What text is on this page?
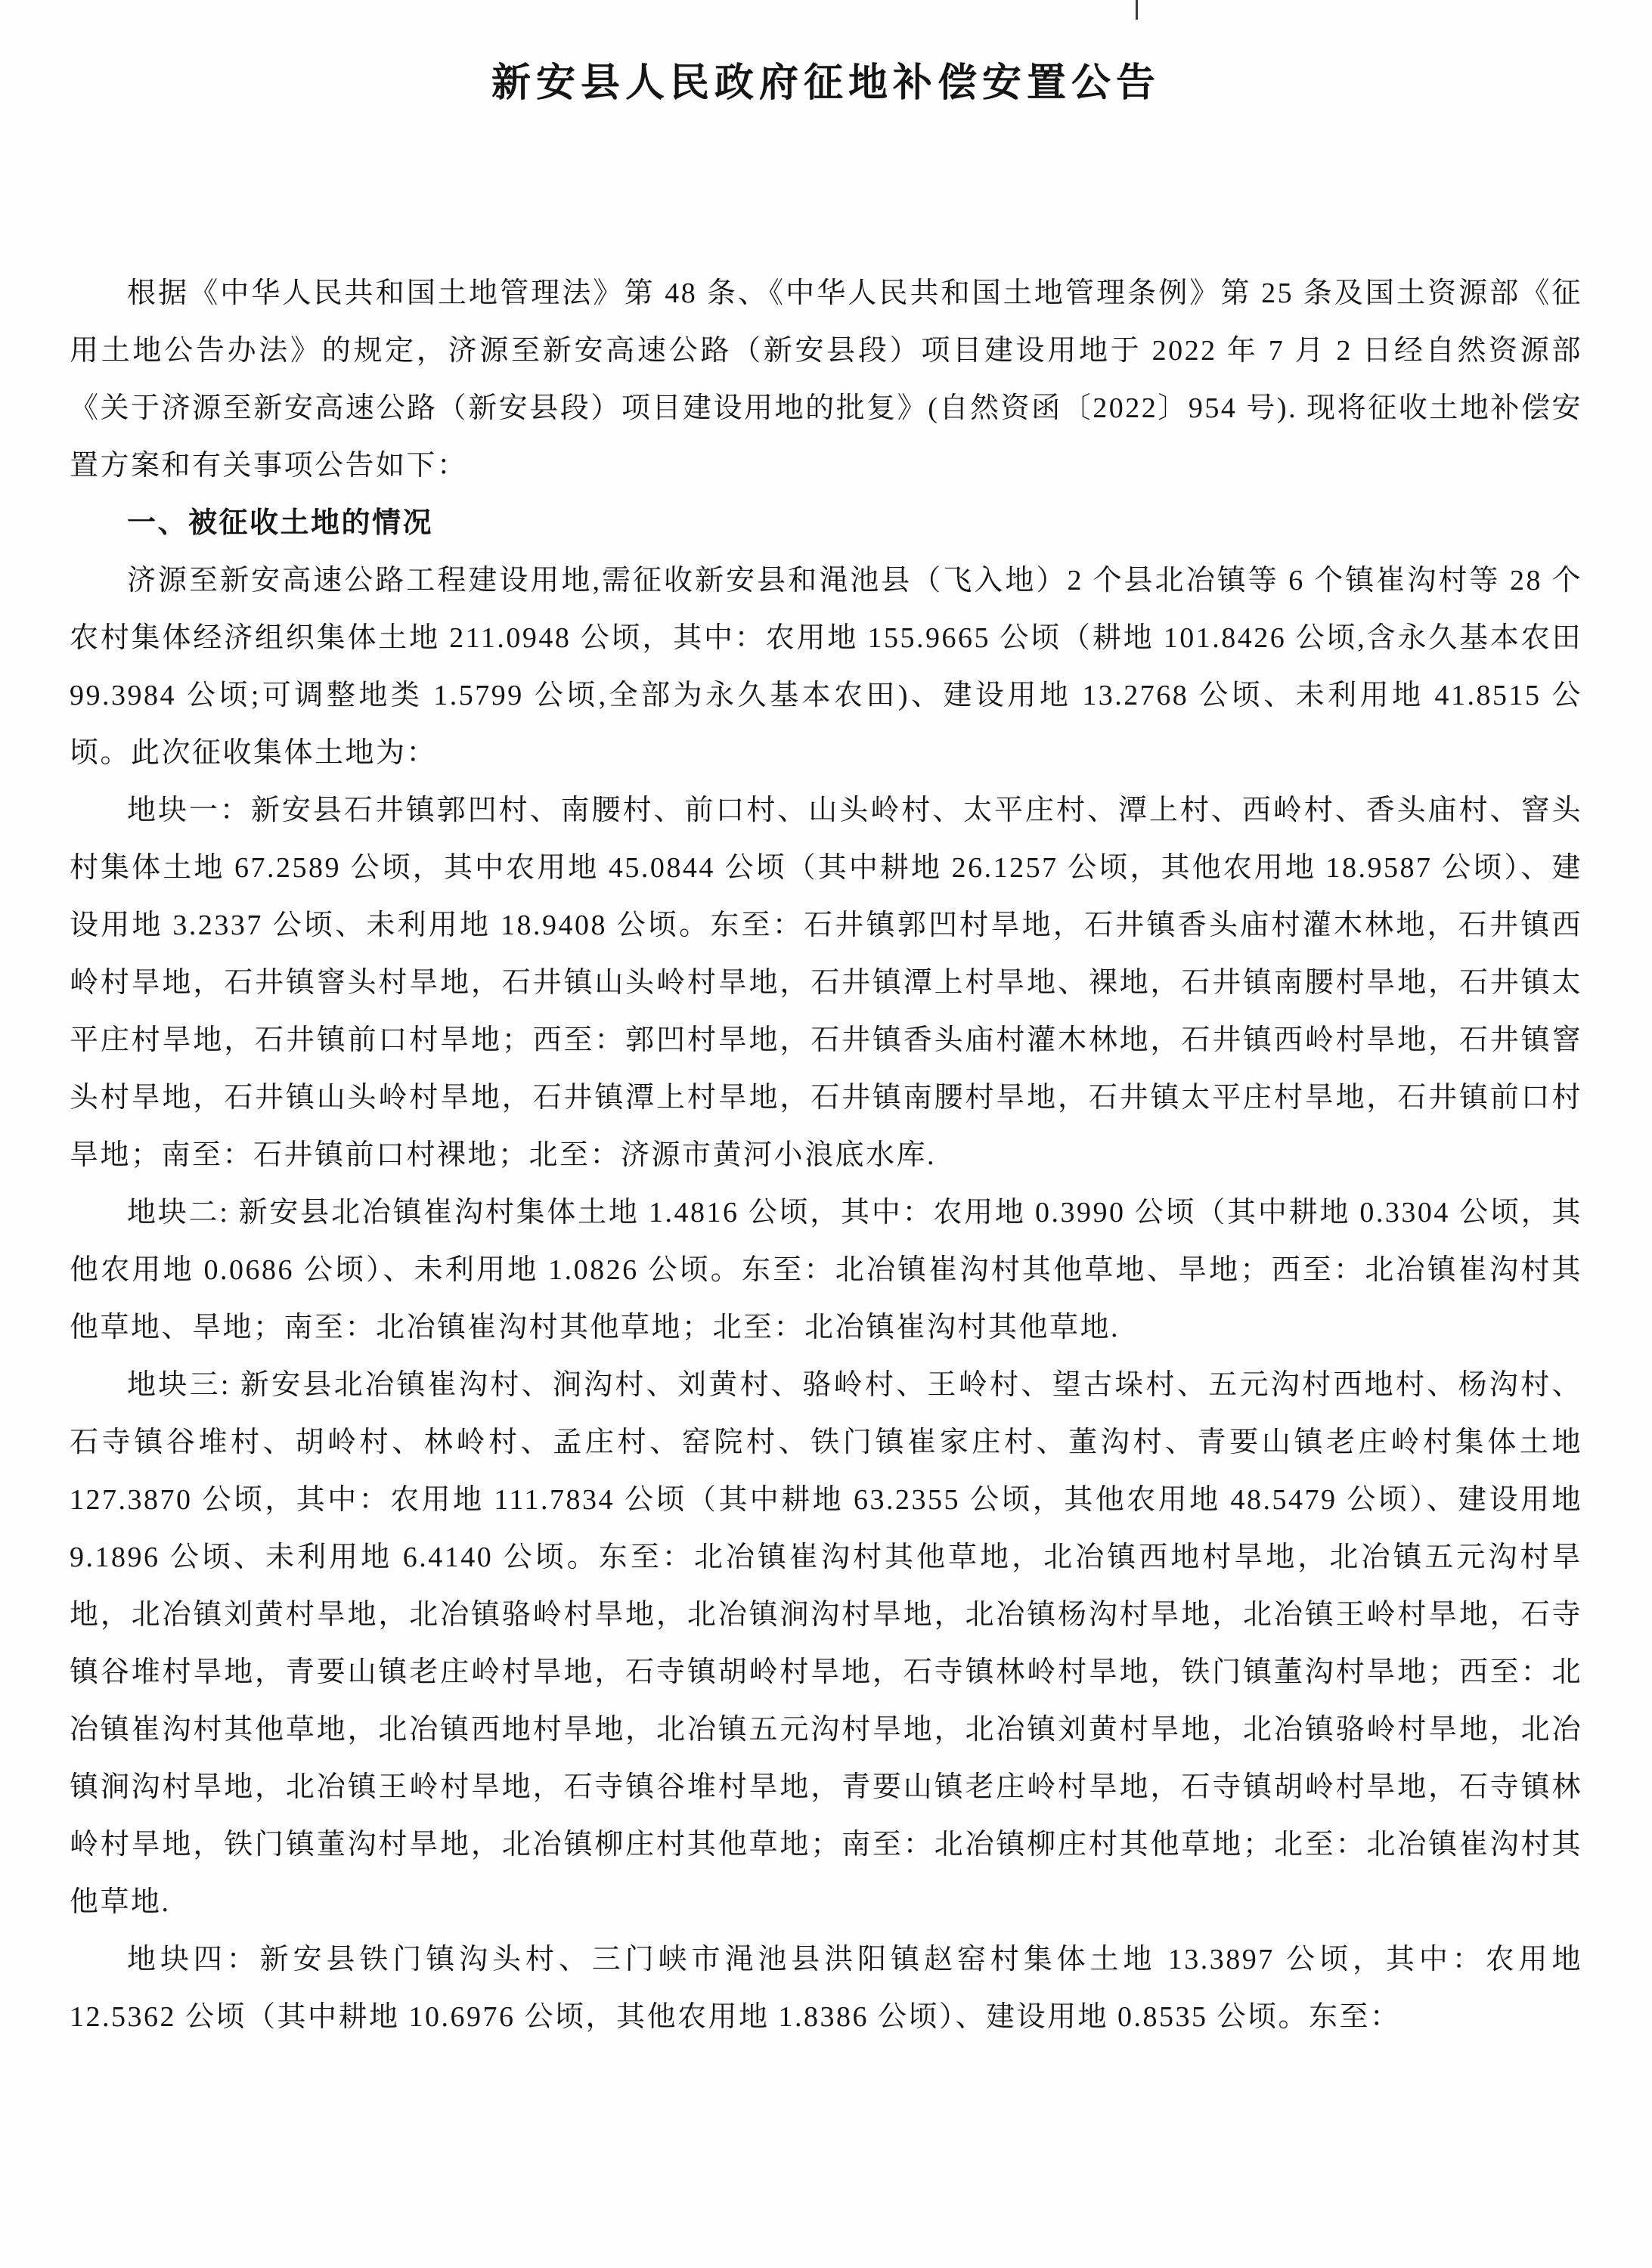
新安县人民政府征地补偿安置公告

根据《中华人民共和国土地管理法》第 48 条、《中华人民共和国土地管理条例》第 25 条及国土资源部《征用土地公告办法》的规定，济源至新安高速公路（新安县段）项目建设用地于 2022 年 7 月 2 日经自然资源部《关于济源至新安高速公路（新安县段）项目建设用地的批复》(自然资函〔2022〕954 号). 现将征收土地补偿安置方案和有关事项公告如下：

一、被征收土地的情况

济源至新安高速公路工程建设用地,需征收新安县和渑池县（飞入地）2 个县北冶镇等 6 个镇崔沟村等 28 个农村集体经济组织集体土地 211.0948 公顷，其中：农用地 155.9665 公顷（耕地 101.8426 公顷,含永久基本农田 99.3984 公顷;可调整地类 1.5799 公顷,全部为永久基本农田)、建设用地 13.2768 公顷、未利用地 41.8515 公顷。此次征收集体土地为：

地块一：新安县石井镇郭凹村、南腰村、前口村、山头岭村、太平庄村、潭上村、西岭村、香头庙村、窨头村集体土地 67.2589 公顷，其中农用地 45.0844 公顷（其中耕地 26.1257 公顷，其他农用地 18.9587 公顷）、建设用地 3.2337 公顷、未利用地 18.9408 公顷。东至：石井镇郭凹村旱地，石井镇香头庙村灌木林地，石井镇西岭村旱地，石井镇窨头村旱地，石井镇山头岭村旱地，石井镇潭上村旱地、裸地，石井镇南腰村旱地，石井镇太平庄村旱地，石井镇前口村旱地；西至：郭凹村旱地，石井镇香头庙村灌木林地，石井镇西岭村旱地，石井镇窨头村旱地，石井镇山头岭村旱地，石井镇潭上村旱地，石井镇南腰村旱地，石井镇太平庄村旱地，石井镇前口村旱地；南至：石井镇前口村裸地；北至：济源市黄河小浪底水库.

地块二: 新安县北冶镇崔沟村集体土地 1.4816 公顷，其中：农用地 0.3990 公顷（其中耕地 0.3304 公顷，其他农用地 0.0686 公顷）、未利用地 1.0826 公顷。东至：北冶镇崔沟村其他草地、旱地；西至：北冶镇崔沟村其他草地、旱地；南至：北冶镇崔沟村其他草地；北至：北冶镇崔沟村其他草地.

地块三: 新安县北冶镇崔沟村、涧沟村、刘黄村、骆岭村、王岭村、望古垛村、五元沟村西地村、杨沟村、石寺镇谷堆村、胡岭村、林岭村、孟庄村、窑院村、铁门镇崔家庄村、董沟村、青要山镇老庄岭村集体土地 127.3870 公顷，其中：农用地 111.7834 公顷（其中耕地 63.2355 公顷，其他农用地 48.5479 公顷）、建设用地 9.1896 公顷、未利用地 6.4140 公顷。东至：北冶镇崔沟村其他草地，北冶镇西地村旱地，北冶镇五元沟村旱地，北冶镇刘黄村旱地，北冶镇骆岭村旱地，北冶镇涧沟村旱地，北冶镇杨沟村旱地，北冶镇王岭村旱地，石寺镇谷堆村旱地，青要山镇老庄岭村旱地，石寺镇胡岭村旱地，石寺镇林岭村旱地，铁门镇董沟村旱地；西至：北冶镇崔沟村其他草地，北冶镇西地村旱地，北冶镇五元沟村旱地，北冶镇刘黄村旱地，北冶镇骆岭村旱地，北冶镇涧沟村旱地，北冶镇王岭村旱地，石寺镇谷堆村旱地，青要山镇老庄岭村旱地，石寺镇胡岭村旱地，石寺镇林岭村旱地，铁门镇董沟村旱地，北冶镇柳庄村其他草地；南至：北冶镇柳庄村其他草地；北至：北冶镇崔沟村其他草地.

地块四：新安县铁门镇沟头村、三门峡市渑池县洪阳镇赵窑村集体土地 13.3897 公顷，其中：农用地 12.5362 公顷（其中耕地 10.6976 公顷，其他农用地 1.8386 公顷）、建设用地 0.8535 公顷。东至：
